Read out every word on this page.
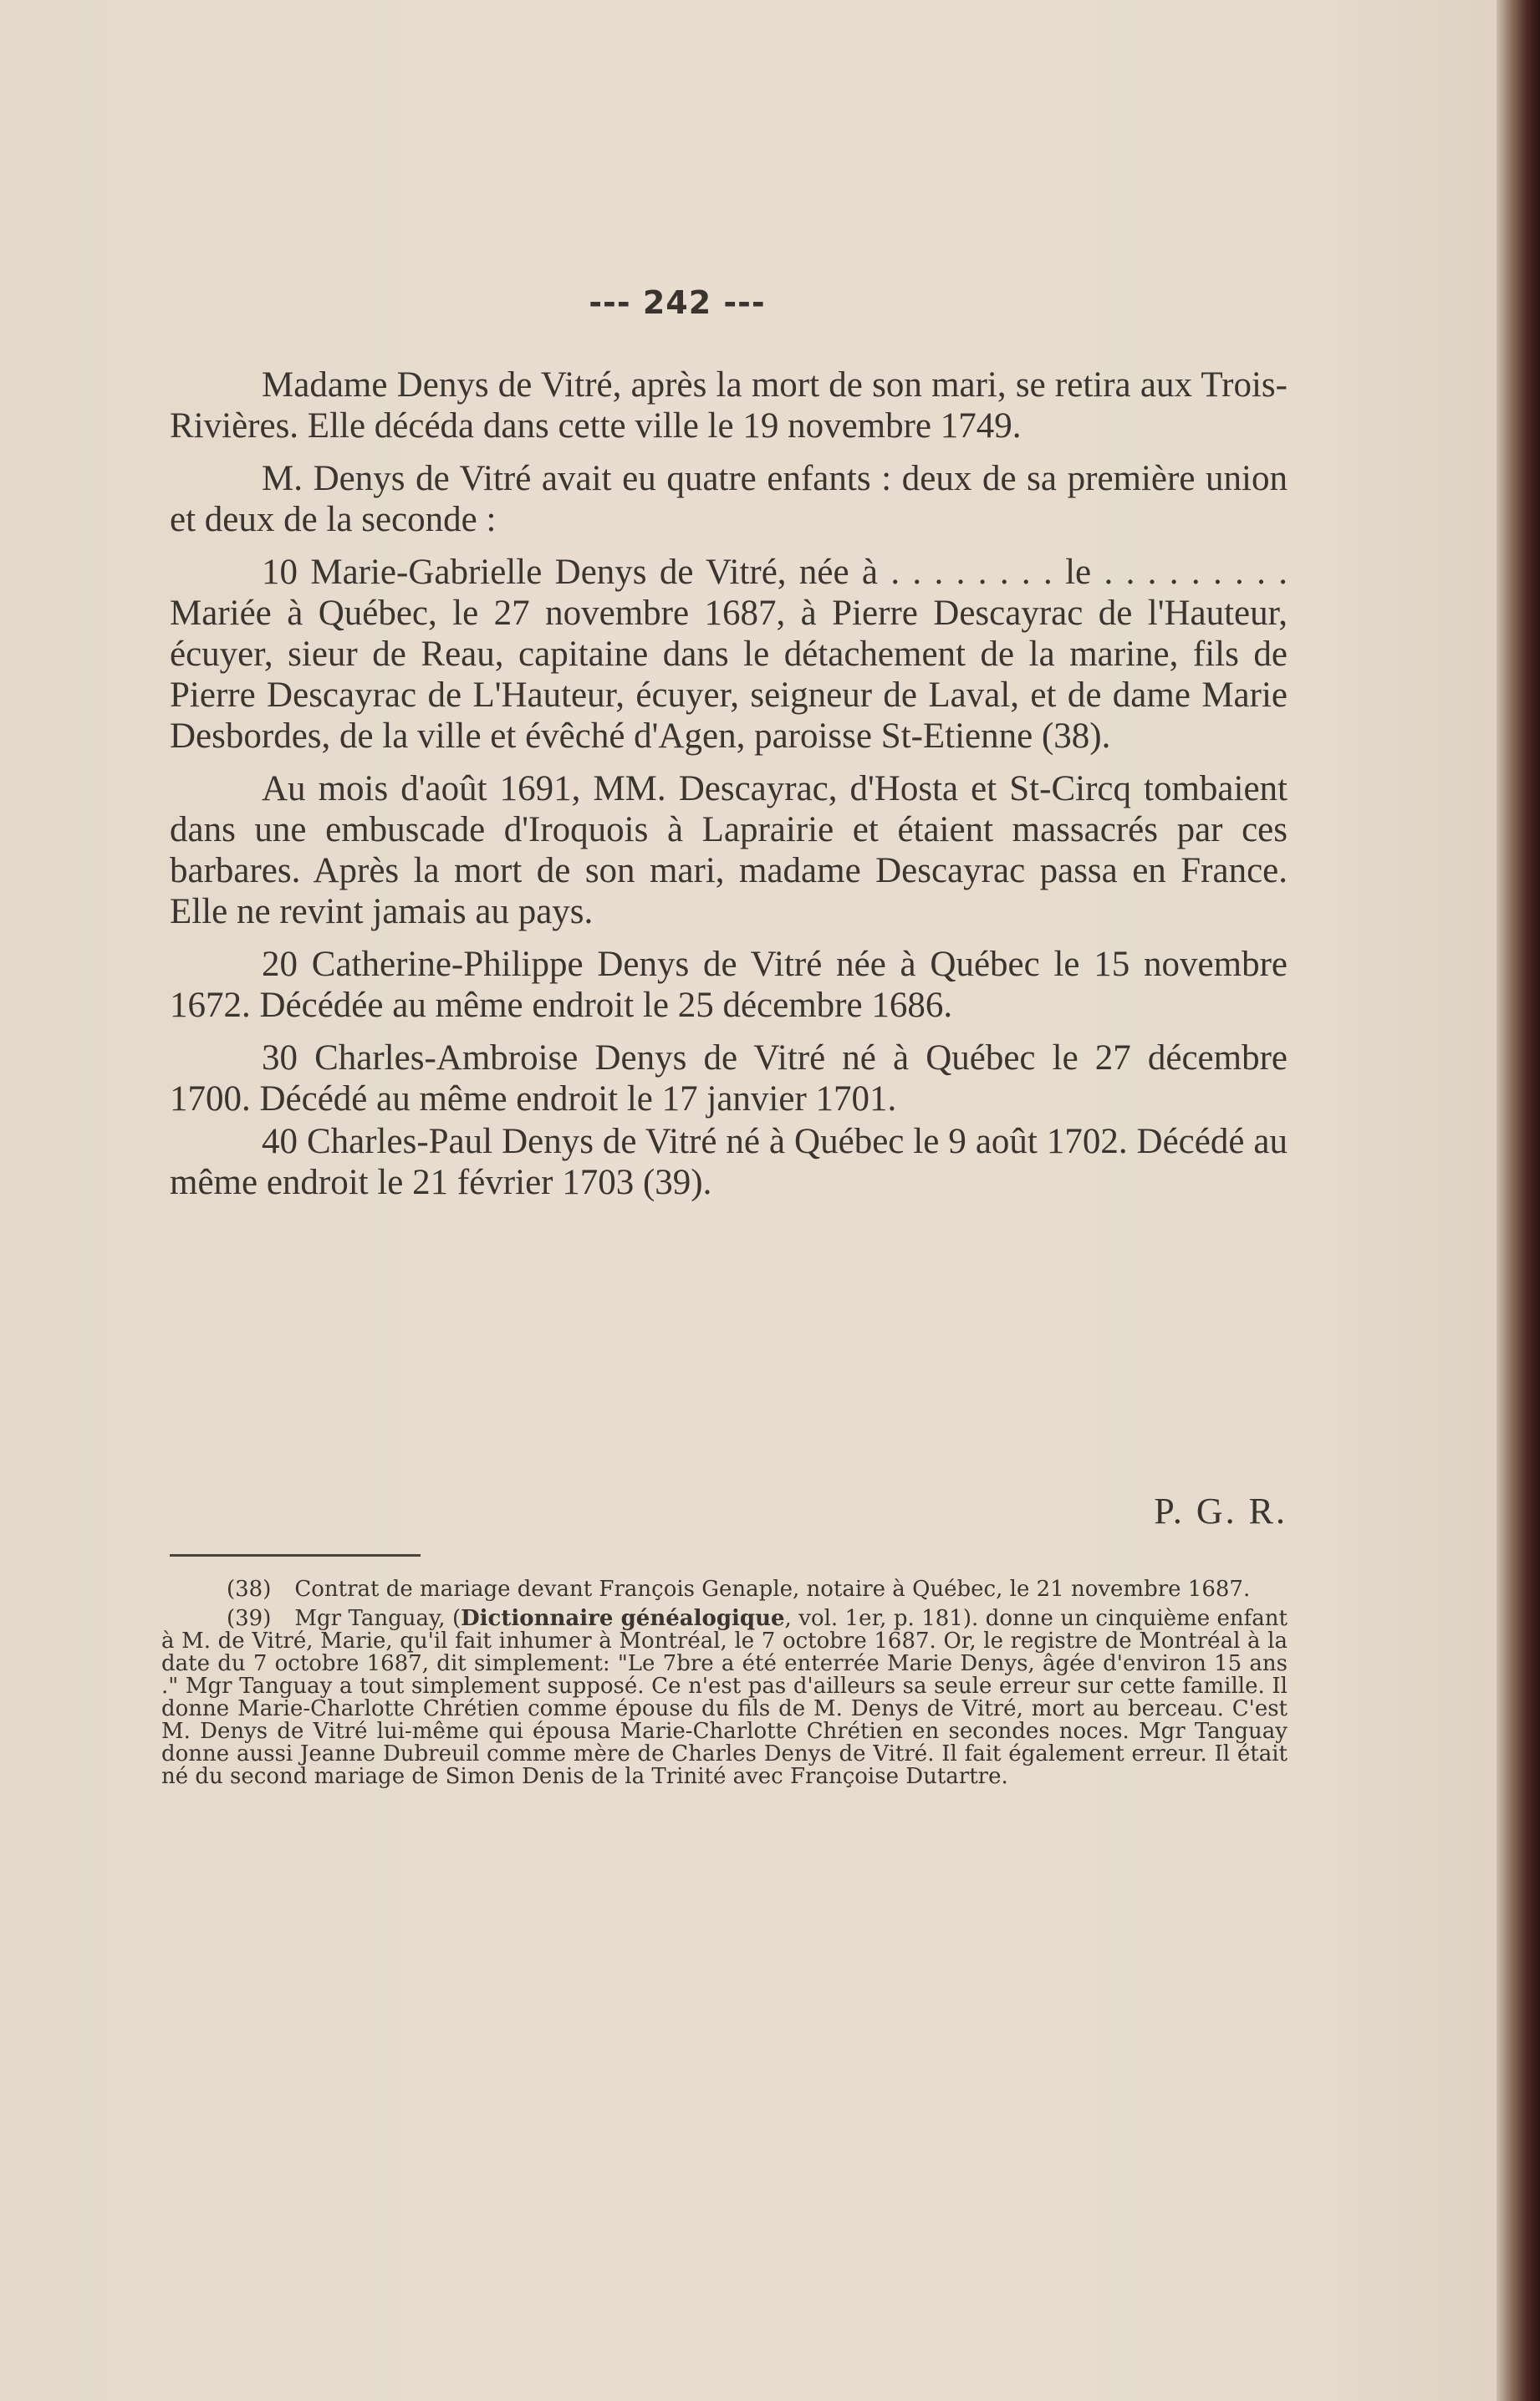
--- 242 ---

Madame Denys de Vitré, après la mort de son mari, se retira aux Trois-Rivières. Elle décéda dans cette ville le 19 novembre 1749.

M. Denys de Vitré avait eu quatre enfants : deux de sa première union et deux de la seconde :

10 Marie-Gabrielle Denys de Vitré, née à . . . . . . . . le . . . . . . . . . Mariée à Québec, le 27 novembre 1687, à Pierre Descayrac de l'Hauteur, écuyer, sieur de Reau, capitaine dans le détachement de la marine, fils de Pierre Descayrac de L'Hauteur, écuyer, seigneur de Laval, et de dame Marie Desbordes, de la ville et évêché d'Agen, paroisse St-Etienne (38).

Au mois d'août 1691, MM. Descayrac, d'Hosta et St-Circq tombaient dans une embuscade d'Iroquois à Laprairie et étaient massacrés par ces barbares. Après la mort de son mari, madame Descayrac passa en France. Elle ne revint jamais au pays.

20 Catherine-Philippe Denys de Vitré née à Québec le 15 novembre 1672. Décédée au même endroit le 25 décembre 1686.

30 Charles-Ambroise Denys de Vitré né à Québec le 27 décembre 1700. Décédé au même endroit le 17 janvier 1701.

40 Charles-Paul Denys de Vitré né à Québec le 9 août 1702. Décédé au même endroit le 21 février 1703 (39).

P. G. R.

(38) Contrat de mariage devant François Genaple, notaire à Québec, le 21 novembre 1687.

(39) Mgr Tanguay, (Dictionnaire généalogique, vol. 1er, p. 181). donne un cinquième enfant à M. de Vitré, Marie, qu'il fait inhumer à Montréal, le 7 octobre 1687. Or, le registre de Montréal à la date du 7 octobre 1687, dit simplement: "Le 7bre a été enterrée Marie Denys, âgée d'environ 15 ans ." Mgr Tanguay a tout simplement supposé. Ce n'est pas d'ailleurs sa seule erreur sur cette famille. Il donne Marie-Charlotte Chrétien comme épouse du fils de M. Denys de Vitré, mort au berceau. C'est M. Denys de Vitré lui-même qui épousa Marie-Charlotte Chrétien en secondes noces. Mgr Tanguay donne aussi Jeanne Dubreuil comme mère de Charles Denys de Vitré. Il fait également erreur. Il était né du second mariage de Simon Denis de la Trinité avec Françoise Dutartre.
